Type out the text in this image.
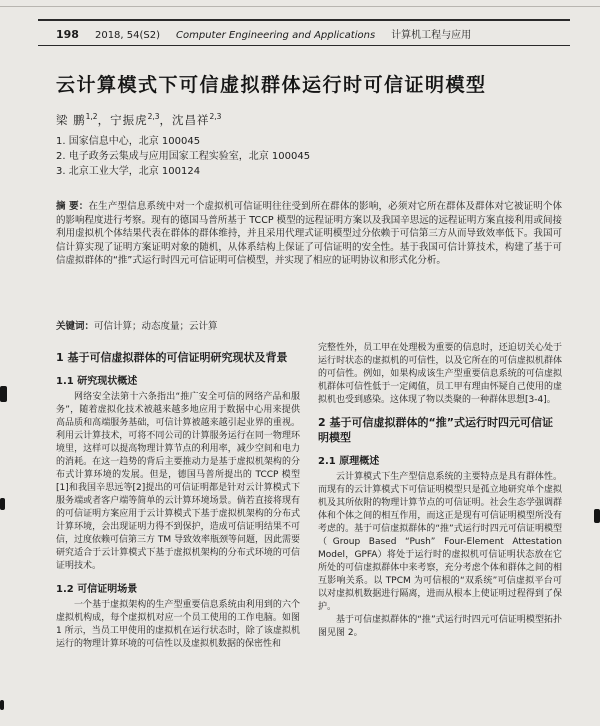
198 2018, 54(S2) Computer Engineering and Applications 计算机工程与应用
云计算模式下可信虚拟群体运行时可信证明模型
梁 鹏$^{1,2}$，宁振虎$^{2,3}$，沈昌祥$^{2,3}$
1. 国家信息中心，北京 100045
2. 电子政务云集成与应用国家工程实验室，北京 100045
3. 北京工业大学，北京 100124

摘 要：在生产型信息系统中对一个虚拟机可信证明往往受到所在群体的影响，必须对它所在群体及群体对它被证明个体的影响程度进行考察。现有的德国马普所基于 TCCP 模型的远程证明方案以及我国辛思远的远程证明方案直接利用或间接利用虚拟机个体结果代表在群体的群体维持，并且采用代理式证明模型过分依赖于可信第三方从而导致效率低下。我国可信计算实现了证明方案证明对象的随机，从体系结构上保证了可信证明的安全性。基于我国可信计算技术，构建了基于可信虚拟群体的“推”式运行时四元可信证明可信模型，并实现了相应的证明协议和形式化分析。

关键词：可信计算；动态度量；云计算

1 基于可信虚拟群体的可信证明研究现状及背景
1.1 研究现状概述

网络安全法第十六条指出“推广安全可信的网络产品和服务”，随着虚拟化技术被越来越多地应用于数据中心用来提供高品质和高端服务基础，可信计算被越来越引起业界的重视。利用云计算技术，可将不同公司的计算服务运行在同一物理环境里，这样可以提高物理计算节点的利用率，减少空间和电力的消耗。在这一趋势的背后主要推动力是基于虚拟机架构的分布式计算环境的发展。但是，德国马普所提出的 TCCP 模型[1]和我国辛思远等[2]提出的可信证明都是针对云计算模式下服务端或者客户端等简单的云计算环境场景。倘若直接将现有的可信证明方案应用于云计算模式下基于虚拟机架构的分布式计算环境，会出现证明力得不到保护，造成可信证明结果不可信，过度依赖可信第三方 TM 导致效率瓶颈等问题，因此需要研究适合于云计算模式下基于虚拟机架构的分布式环境的可信证明技术。

1.2 可信证明场景

一个基于虚拟架构的生产型重要信息系统由利用到的六个虚拟机构成，每个虚拟机对应一个员工使用的工作电脑。如图 1 所示，当员工甲使用的虚拟机在运行状态时，除了该虚拟机运行的物理计算环境的可信性以及虚拟机数据的保密性和

完整性外，员工甲在处理极为重要的信息时，还迫切关心处于运行时状态的虚拟机的可信性，以及它所在的可信虚拟机群体的可信性。例如，如果构成该生产型重要信息系统的可信虚拟机群体可信性低于一定阈值，员工甲有理由怀疑自己使用的虚拟机也受到感染。这体现了物以类聚的一种群体思想[3-4]。

2 基于可信虚拟群体的“推”式运行时四元可信证明模型
2.1 原理概述

云计算模式下生产型信息系统的主要特点是具有群体性。而现有的云计算模式下可信证明模型只是孤立地研究单个虚拟机及其所依附的物理计算节点的可信证明。社会生态学强调群体和个体之间的相互作用，而这正是现有可信证明模型所没有考虑的。基于可信虚拟群体的“推”式运行时四元可信证明模型（Group Based “Push” Four-Element Attestation Model，GPFA）将处于运行时的虚拟机可信证明状态放在它所处的可信虚拟群体中来考察，充分考虑个体和群体之间的相互影响关系。以 TPCM 为可信根的“双系统”可信虚拟平台可以对虚拟机数据进行隔离，进而从根本上使证明过程得到了保护。

基于可信虚拟群体的“推”式运行时四元可信证明模型拓扑图见图 2。
